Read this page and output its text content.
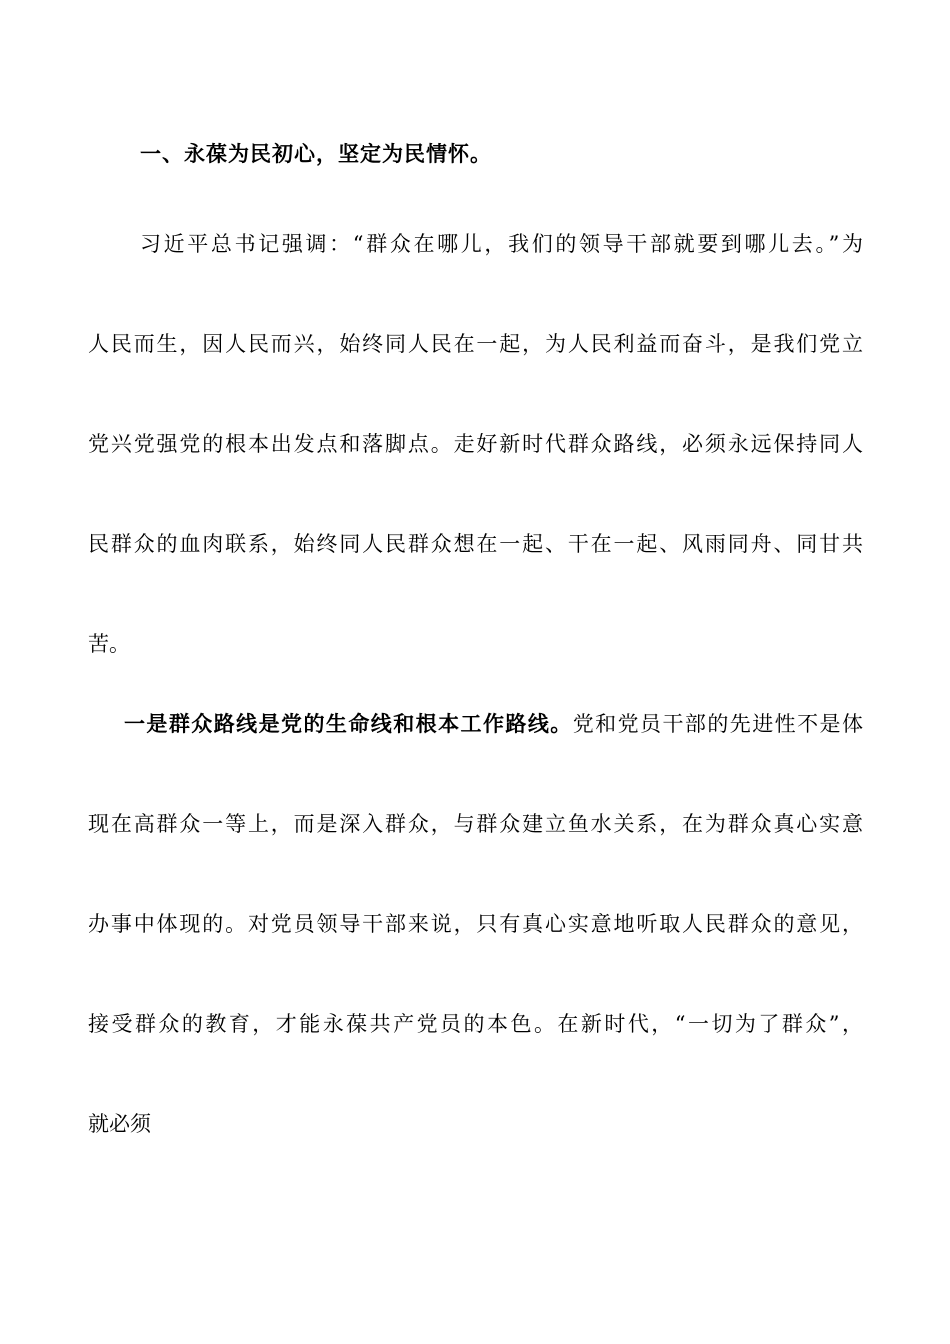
一、永葆为民初心，坚定为民情怀。
习近平总书记强调：“群众在哪儿，我们的领导干部就要到哪儿去。”为
人民而生，因人民而兴，始终同人民在一起，为人民利益而奋斗，是我们党立
党兴党强党的根本出发点和落脚点。走好新时代群众路线，必须永远保持同人
民群众的血肉联系，始终同人民群众想在一起、干在一起、风雨同舟、同甘共
苦。
一是群众路线是党的生命线和根本工作路线。党和党员干部的先进性不是体
现在高群众一等上，而是深入群众，与群众建立鱼水关系，在为群众真心实意
办事中体现的。对党员领导干部来说，只有真心实意地听取人民群众的意见，
接受群众的教育，才能永葆共产党员的本色。在新时代，“一切为了群众”，
就必须
